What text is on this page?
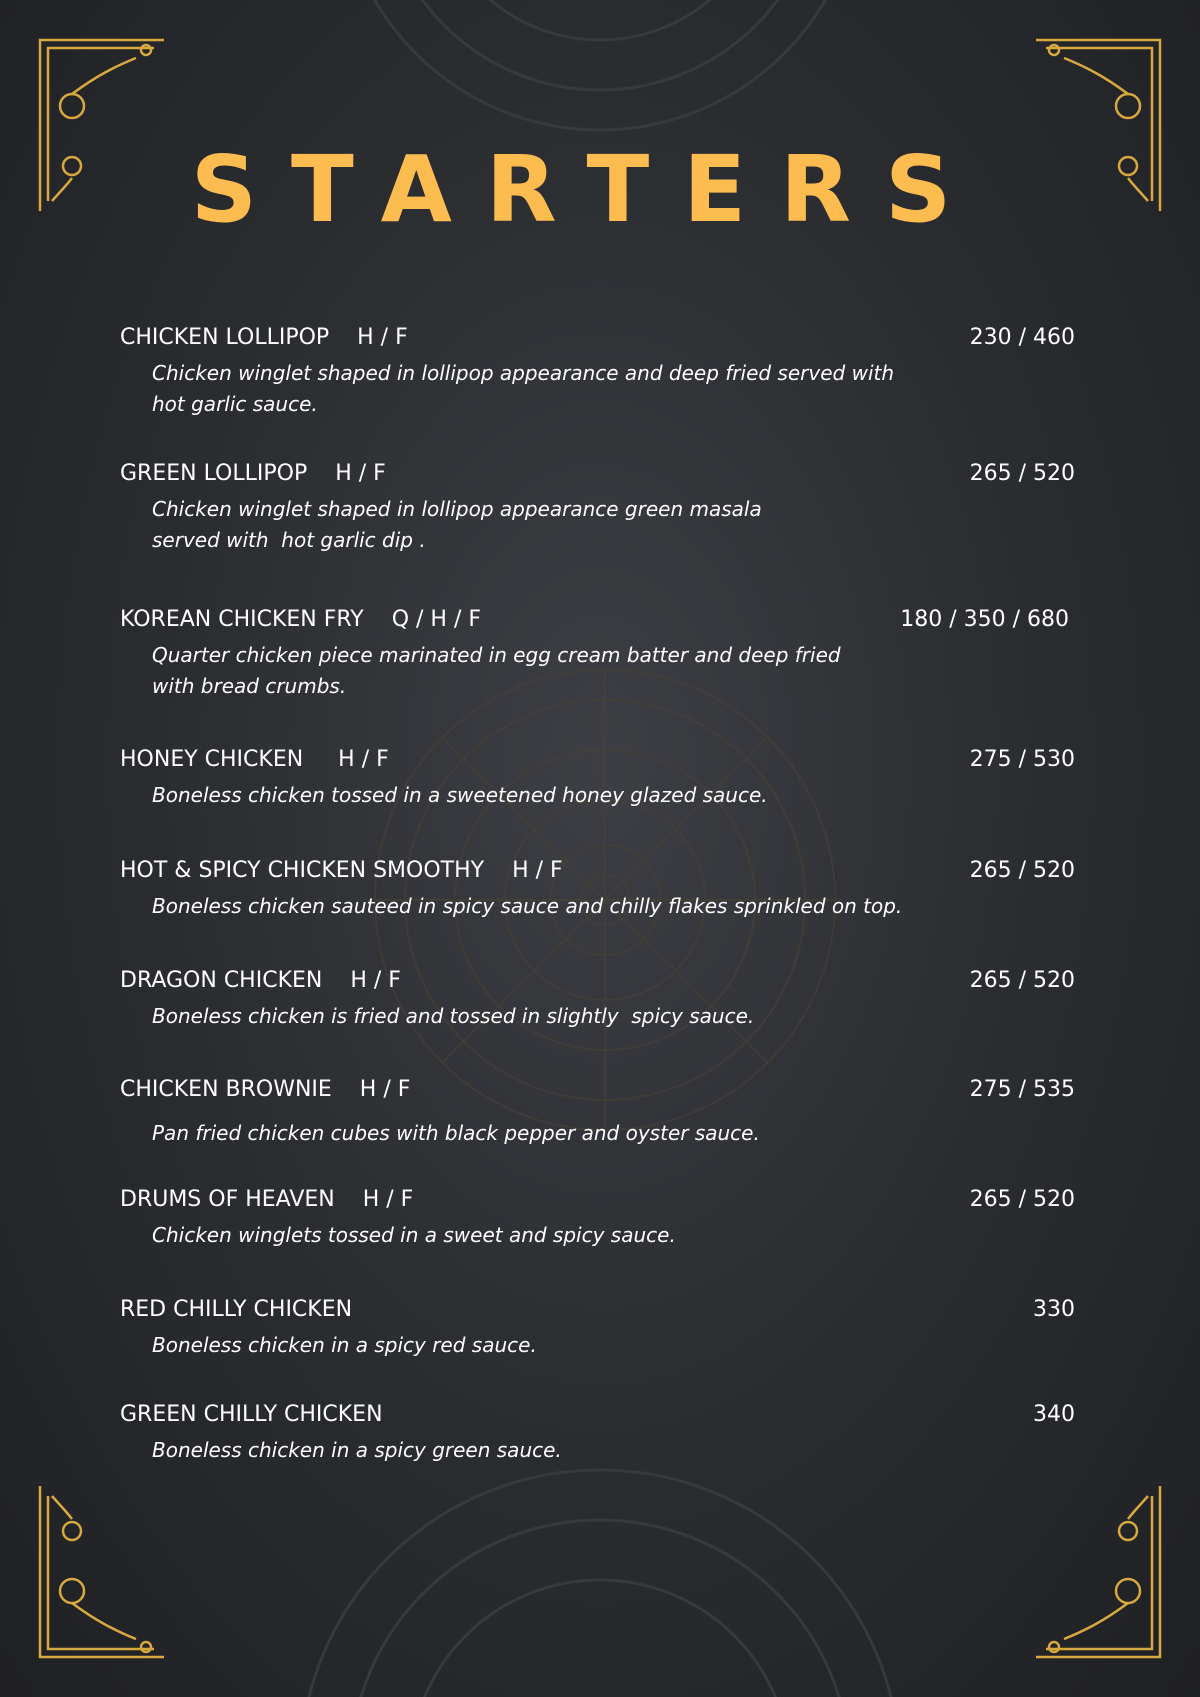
STARTERS
CHICKEN LOLLIPOP    H / F	230 / 460
Chicken winglet shaped in lollipop appearance and deep fried served with
hot garlic sauce.
GREEN LOLLIPOP    H / F	265 / 520
Chicken winglet shaped in lollipop appearance green masala
served with  hot garlic dip .
KOREAN CHICKEN FRY    Q / H / F	180 / 350 / 680
Quarter chicken piece marinated in egg cream batter and deep fried
with bread crumbs.
HONEY CHICKEN     H / F	275 / 530
Boneless chicken tossed in a sweetened honey glazed sauce.
HOT & SPICY CHICKEN SMOOTHY    H / F	265 / 520
Boneless chicken sauteed in spicy sauce and chilly flakes sprinkled on top.
DRAGON CHICKEN    H / F	265 / 520
Boneless chicken is fried and tossed in slightly  spicy sauce.
CHICKEN BROWNIE    H / F	275 / 535
Pan fried chicken cubes with black pepper and oyster sauce.
DRUMS OF HEAVEN    H / F	265 / 520
Chicken winglets tossed in a sweet and spicy sauce.
RED CHILLY CHICKEN	330
Boneless chicken in a spicy red sauce.
GREEN CHILLY CHICKEN	340
Boneless chicken in a spicy green sauce.
